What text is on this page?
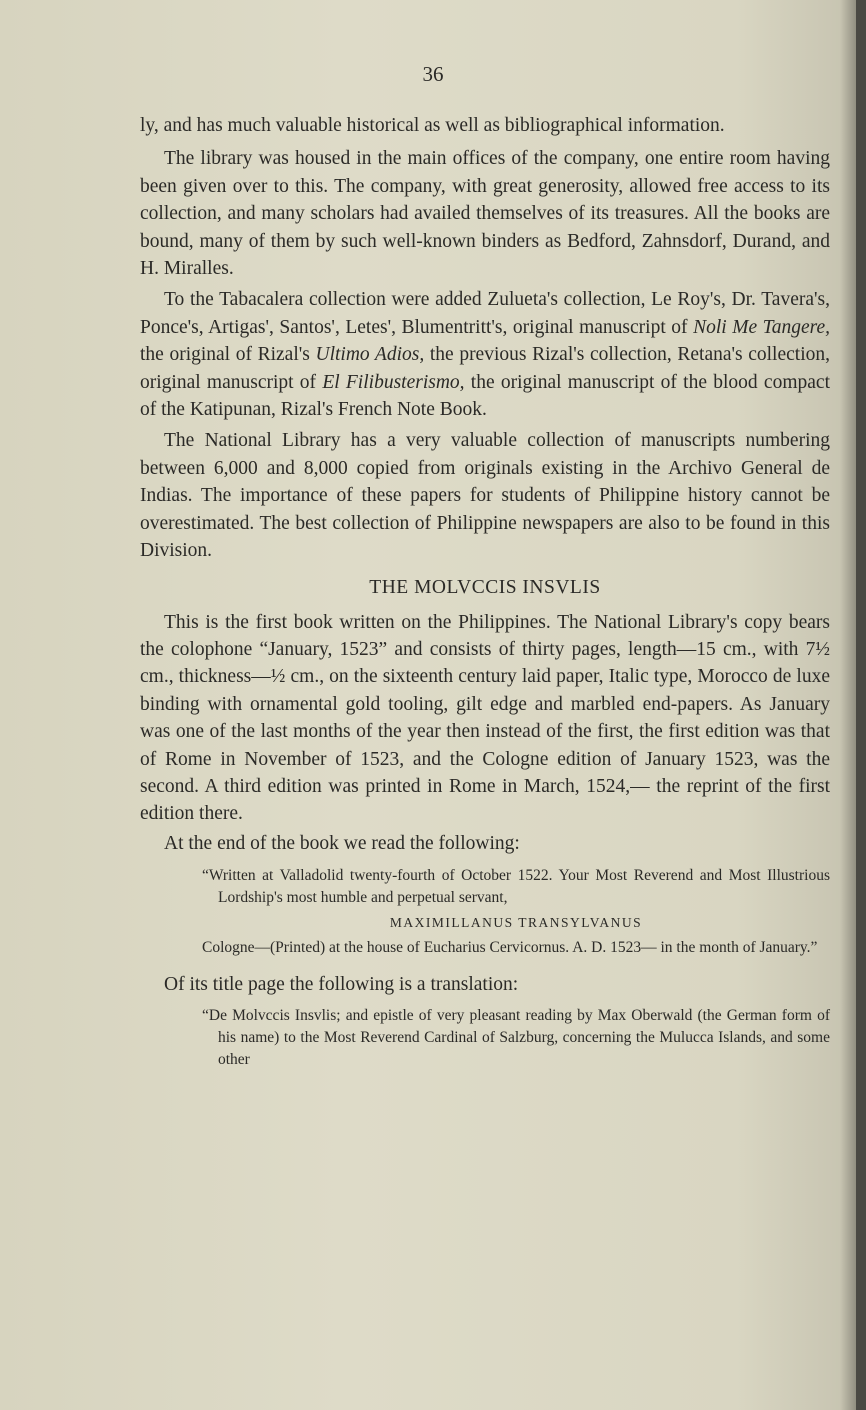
36

ly, and has much valuable historical as well as bibliographical information.

The library was housed in the main offices of the company, one entire room having been given over to this. The company, with great generosity, allowed free access to its collection, and many scholars had availed themselves of its treasures. All the books are bound, many of them by such well-known binders as Bedford, Zahnsdorf, Durand, and H. Miralles.

To the Tabacalera collection were added Zulueta's collection, Le Roy's, Dr. Tavera's, Ponce's, Artigas', Santos', Letes', Blumentritt's, original manuscript of Noli Me Tangere, the original of Rizal's Ultimo Adios, the previous Rizal's collection, Retana's collection, original manuscript of El Filibusterismo, the original manuscript of the blood compact of the Katipunan, Rizal's French Note Book.

The National Library has a very valuable collection of manuscripts numbering between 6,000 and 8,000 copied from originals existing in the Archivo General de Indias. The importance of these papers for students of Philippine history cannot be overestimated. The best collection of Philippine newspapers are also to be found in this Division.

THE MOLVCCIS INSVLIS

This is the first book written on the Philippines. The National Library's copy bears the colophone “January, 1523” and consists of thirty pages, length—15 cm., with 7½ cm., thickness—½ cm., on the sixteenth century laid paper, Italic type, Morocco de luxe binding with ornamental gold tooling, gilt edge and marbled end-papers. As January was one of the last months of the year then instead of the first, the first edition was that of Rome in November of 1523, and the Cologne edition of January 1523, was the second. A third edition was printed in Rome in March, 1524,— the reprint of the first edition there.

At the end of the book we read the following:

“Written at Valladolid twenty-fourth of October 1522. Your Most Reverend and Most Illustrious Lordship's most humble and perpetual servant,

MAXIMILLANUS TRANSYLVANUS

Cologne—(Printed) at the house of Eucharius Cervicornus. A. D. 1523— in the month of January.”

Of its title page the following is a translation:

“De Molvccis Insvlis; and epistle of very pleasant reading by Max Oberwald (the German form of his name) to the Most Reverend Cardinal of Salzburg, concerning the Mulucca Islands, and some other
